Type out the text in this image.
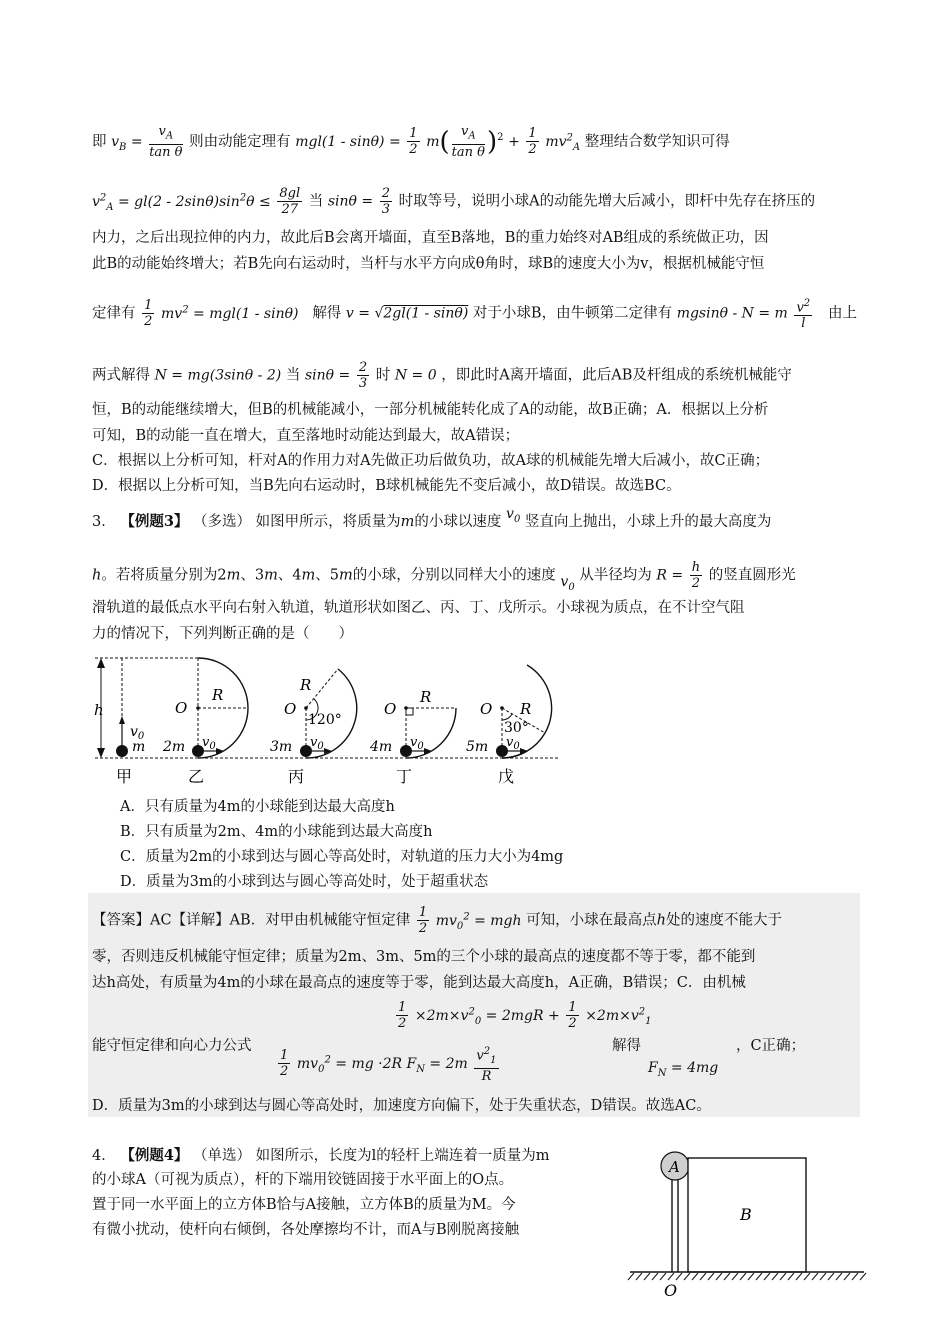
即 $v_B = \frac{v_A}{\text{tan θ}}$ 则由动能定理有 $mgl(1 - \sin\theta) = \frac{1}{2} m( \frac{v_A}{\text{tan θ}} )^2 + \frac{1}{2} mv^2_A$ 整理结合数学知识可得
$v^2_A = gl(2 - 2\sin\theta)\sin^2\theta \le \frac{8gl}{27}$ 当 $\sin\theta = \frac{2}{3}$ 时取等号，说明小球A的动能先增大后减小，即杆中先存在挤压的
内力，之后出现拉伸的内力，故此后B会离开墙面，直至B落地，B的重力始终对AB组成的系统做正功，因
此B的动能始终增大；若B先向右运动时，当杆与水平方向成θ角时，球B的速度大小为v，根据机械能守恒
定律有 $\frac{1}{2} mv^2 = mgl(1 - \sin\theta)$ 解得 v = √2gl(1 - sinθ) 对于小球B，由牛顿第二定律有 mgsinθ - N = m $\frac{v^2}{l}$ 由上
两式解得 N = mg(3sinθ - 2) 当 $\sin\theta = \frac{2}{3}$ 时 N = 0 ，即此时A离开墙面，此后AB及杆组成的系统机械能守
恒，B的动能继续增大，但B的机械能减小，一部分机械能转化成了A的动能，故B正确；A．根据以上分析
可知，B的动能一直在增大，直至落地时动能达到最大，故A错误；
C．根据以上分析可知，杆对A的作用力对A先做正功后做负功，故A球的机械能先增大后减小，故C正确；
D．根据以上分析可知，当B先向右运动时，B球机械能先不变后减小，故D错误。故选BC。
3． 【例题3】 （多选） 如图甲所示，将质量为m的小球以速度 $v_0$ 竖直向上抛出，小球上升的最大高度为
h。若将质量分别为2m、3m、4m、5m的小球，分别以同样大小的速度 $v_0$ 从半径均为 $R = \frac{h}{2}$ 的竖直圆形光
滑轨道的最低点水平向右射入轨道，轨道形状如图乙、丙、丁、戊所示。小球视为质点，在不计空气阻
力的情况下，下列判断正确的是（　　）
h
$v_0$
m
O
R
2m $v_0$
O
R
120°
3m $v_0$
O
R
4m $v_0$
O R
30°
5m $v_0$
甲	乙	丙	丁	戊
A．只有质量为4m的小球能到达最大高度h
B．只有质量为2m、4m的小球能到达最大高度h
C．质量为2m的小球到达与圆心等高处时，对轨道的压力大小为4mg
D．质量为3m的小球到达与圆心等高处时，处于超重状态
【答案】AC【详解】AB．对甲由机械能守恒定律 $\frac{1}{2} mv_0^2$ = mgh 可知，小球在最高点h处的速度不能大于
零，否则违反机械能守恒定律；质量为2m、3m、5m的三个小球的最高点的速度都不等于零，都不能到
达h高处，有质量为4m的小球在最高点的速度等于零，能到达最大高度h，A正确，B错误；C．由机械
$\frac{1}{2} \times 2m\times v^2_0 = 2mgR + \frac{1}{2} \times 2m\times v^2_1$
能守恒定律和向心力公式
$\frac{1}{2} mv_0^2$ = mg ·2R $F_N = 2m \frac{v^2_1}{R}$	解得
$F_N = 4mg$
，C正确；
D．质量为3m的小球到达与圆心等高处时，加速度方向偏下，处于失重状态，D错误。故选AC。
4． 【例题4】 （单选） 如图所示，长度为l的轻杆上端连着一质量为m
的小球A（可视为质点），杆的下端用铰链固接于水平面上的O点。
置于同一水平面上的立方体B恰与A接触，立方体B的质量为M。今
有微小扰动，使杆向右倾倒，各处摩擦均不计，而A与B刚脱离接触
A
B
O
